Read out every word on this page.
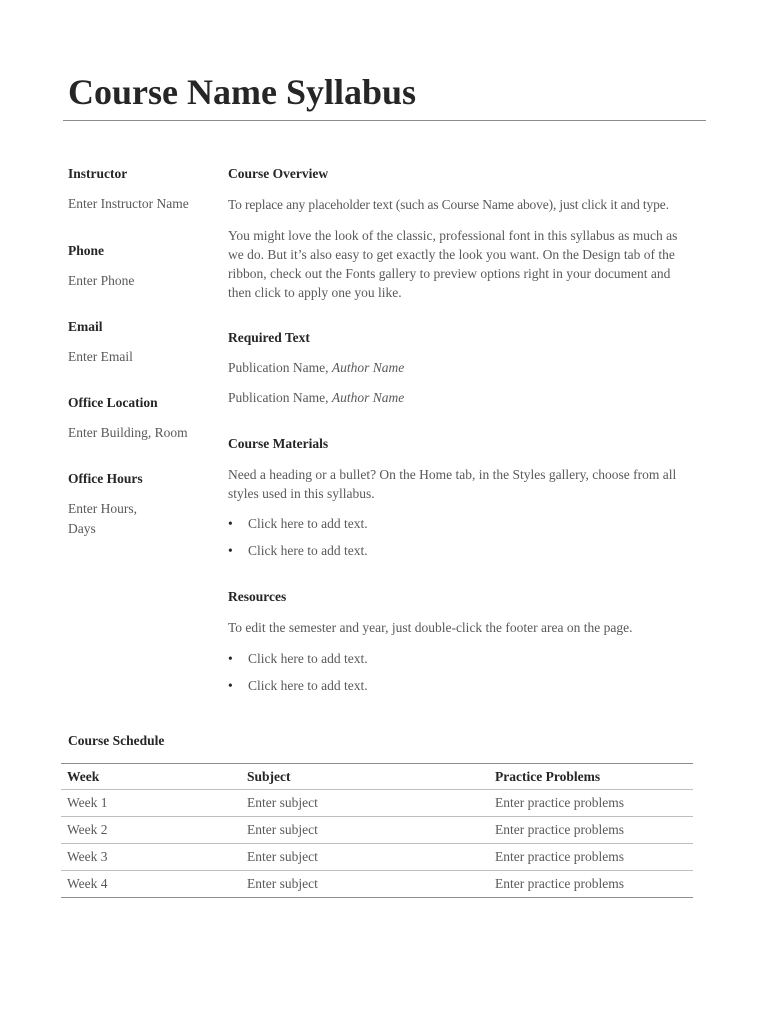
Course Name Syllabus
Instructor
Enter Instructor Name
Phone
Enter Phone
Email
Enter Email
Office Location
Enter Building, Room
Office Hours
Enter Hours,
Days
Course Overview
To replace any placeholder text (such as Course Name above), just click it and type.
You might love the look of the classic, professional font in this syllabus as much as we do. But it’s also easy to get exactly the look you want. On the Design tab of the ribbon, check out the Fonts gallery to preview options right in your document and then click to apply one you like.
Required Text
Publication Name, Author Name
Publication Name, Author Name
Course Materials
Need a heading or a bullet? On the Home tab, in the Styles gallery, choose from all styles used in this syllabus.
• Click here to add text.
• Click here to add text.
Resources
To edit the semester and year, just double-click the footer area on the page.
• Click here to add text.
• Click here to add text.
Course Schedule
Week	Subject	Practice Problems
Week 1	Enter subject	Enter practice problems
Week 2	Enter subject	Enter practice problems
Week 3	Enter subject	Enter practice problems
Week 4	Enter subject	Enter practice problems
